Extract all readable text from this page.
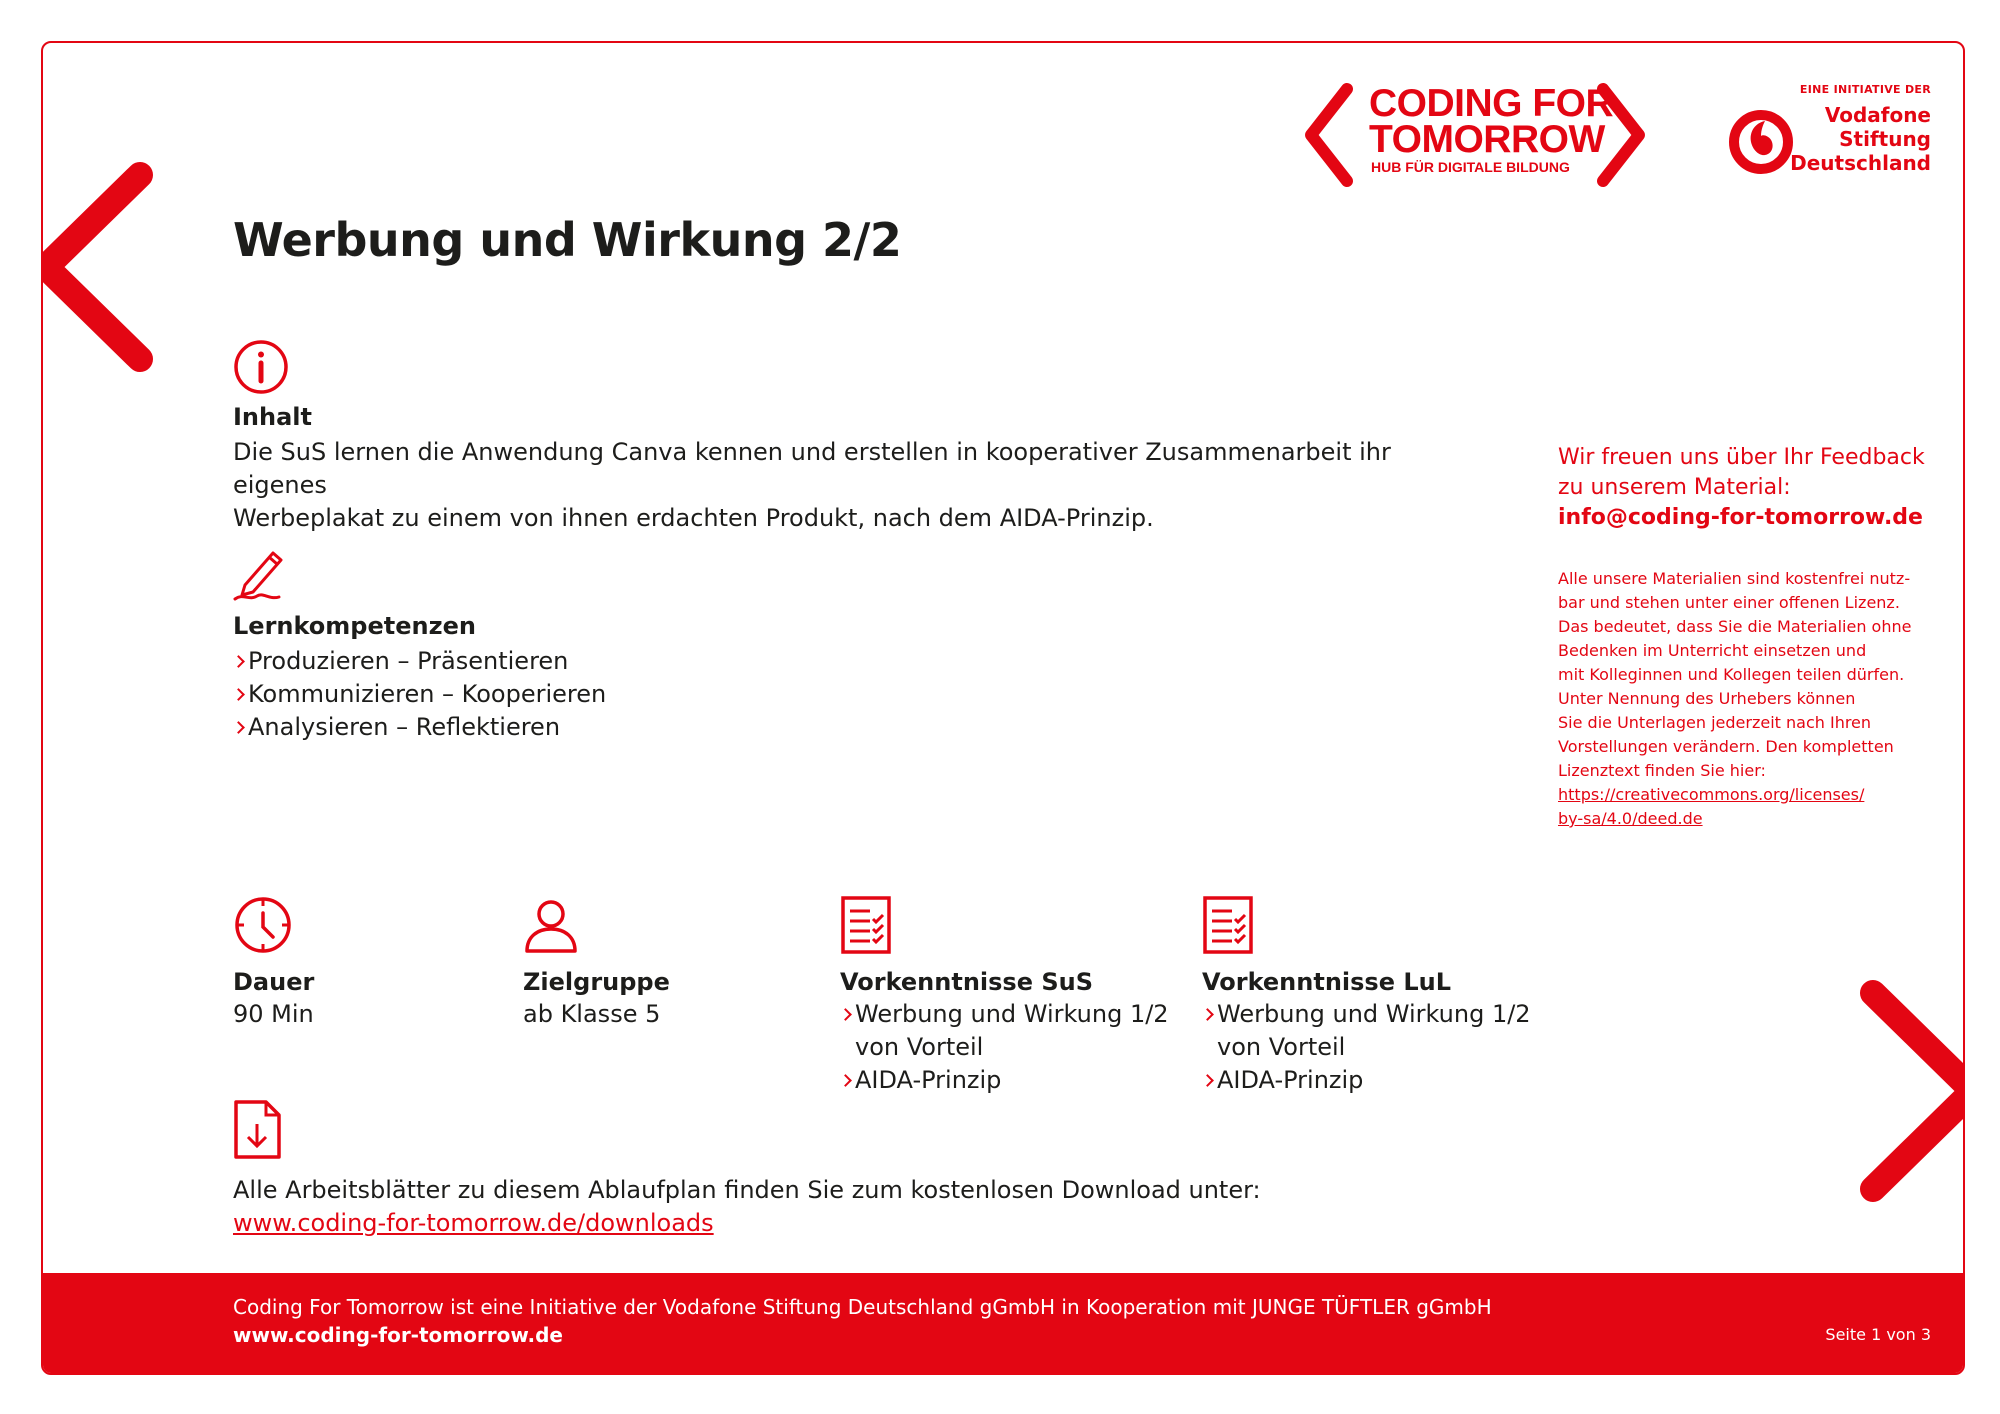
CODING FOR
TOMORROW
HUB FÜR DIGITALE BILDUNG
EINE INITIATIVE DER
Vodafone
Stiftung
Deutschland
Werbung und Wirkung 2/2
Inhalt
Die SuS lernen die Anwendung Canva kennen und erstellen in kooperativer Zusammenarbeit ihr eigenes
Werbeplakat zu einem von ihnen erdachten Produkt, nach dem AIDA-Prinzip.
Lernkompetenzen
Produzieren – Präsentieren
Kommunizieren – Kooperieren
Analysieren – Reflektieren
Dauer
90 Min
Zielgruppe
ab Klasse 5
Vorkenntnisse SuS
Werbung und Wirkung 1/2
von Vorteil
AIDA-Prinzip
Vorkenntnisse LuL
Werbung und Wirkung 1/2
von Vorteil
AIDA-Prinzip
Alle Arbeitsblätter zu diesem Ablaufplan finden Sie zum kostenlosen Download unter:
www.coding-for-tomorrow.de/downloads
Wir freuen uns über Ihr Feedback
zu unserem Material:
info@coding-for-tomorrow.de
Alle unsere Materialien sind kostenfrei nutz-
bar und stehen unter einer offenen Lizenz.
Das bedeutet, dass Sie die Materialien ohne
Bedenken im Unterricht einsetzen und
mit Kolleginnen und Kollegen teilen dürfen.
Unter Nennung des Urhebers können
Sie die Unterlagen jederzeit nach Ihren
Vorstellungen verändern. Den kompletten
Lizenztext finden Sie hier:
https://creativecommons.org/licenses/
by-sa/4.0/deed.de
Coding For Tomorrow ist eine Initiative der Vodafone Stiftung Deutschland gGmbH in Kooperation mit JUNGE TÜFTLER gGmbH
www.coding-for-tomorrow.de	Seite 1 von 3
